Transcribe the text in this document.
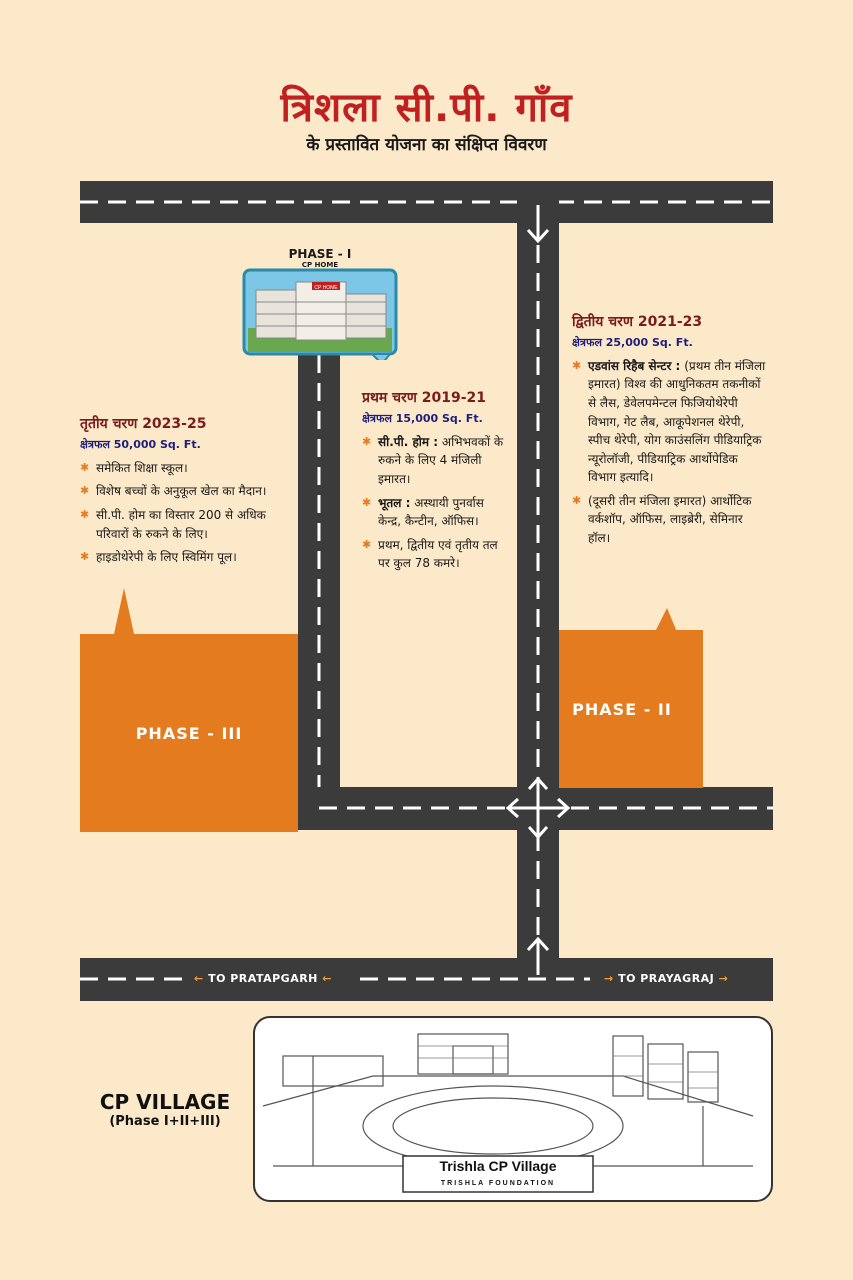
त्रिशला सी.पी. गाँव
के प्रस्तावित योजना का संक्षिप्त विवरण
← TO PRATAPGARH ←	→ TO PRAYAGRAJ →
PHASE - I
CP HOME
CP HOME
तृतीय चरण 2023-25
क्षेत्रफल 50,000 Sq. Ft.
✱ समेकित शिक्षा स्कूल।
✱ विशेष बच्चों के अनुकूल खेल का मैदान।
✱ सी.पी. होम का विस्तार 200 से अधिक परिवारों के रुकने के लिए।
✱ हाइडोथेरेपी के लिए स्विमिंग पूल।
PHASE - III
प्रथम चरण 2019-21
क्षेत्रफल 15,000 Sq. Ft.
✱ सी.पी. होम : अभिभवकों के रुकने के लिए 4 मंजिली इमारत।
✱ भूतल : अस्थायी पुनर्वास केन्द्र, कैन्टीन, ऑफिस।
✱ प्रथम, द्वितीय एवं तृतीय तल पर कुल 78 कमरे।
द्वितीय चरण 2021-23
क्षेत्रफल 25,000 Sq. Ft.
✱ एडवांस रिहैब सेन्टर : (प्रथम तीन मंजिला इमारत) विश्व की आधुनिकतम तकनीकों से लैस, डेवेलपमेन्टल फिजियोथेरेपी विभाग, गेट लैब, आकूपेशनल थेरेपी, स्पीच थेरेपी, योग काउंसलिंग पीडियाट्रिक न्यूरोलॉजी, पीडियाट्रिक आर्थोपेडिक विभाग इत्यादि।
✱ (दूसरी तीन मंजिला इमारत) आर्थोटिक वर्कशॉप, ऑफिस, लाइब्रेरी, सेमिनार हॉल।
PHASE - II
CP VILLAGE
(Phase I+II+III)
Trishla CP Village
TRISHLA FOUNDATION
